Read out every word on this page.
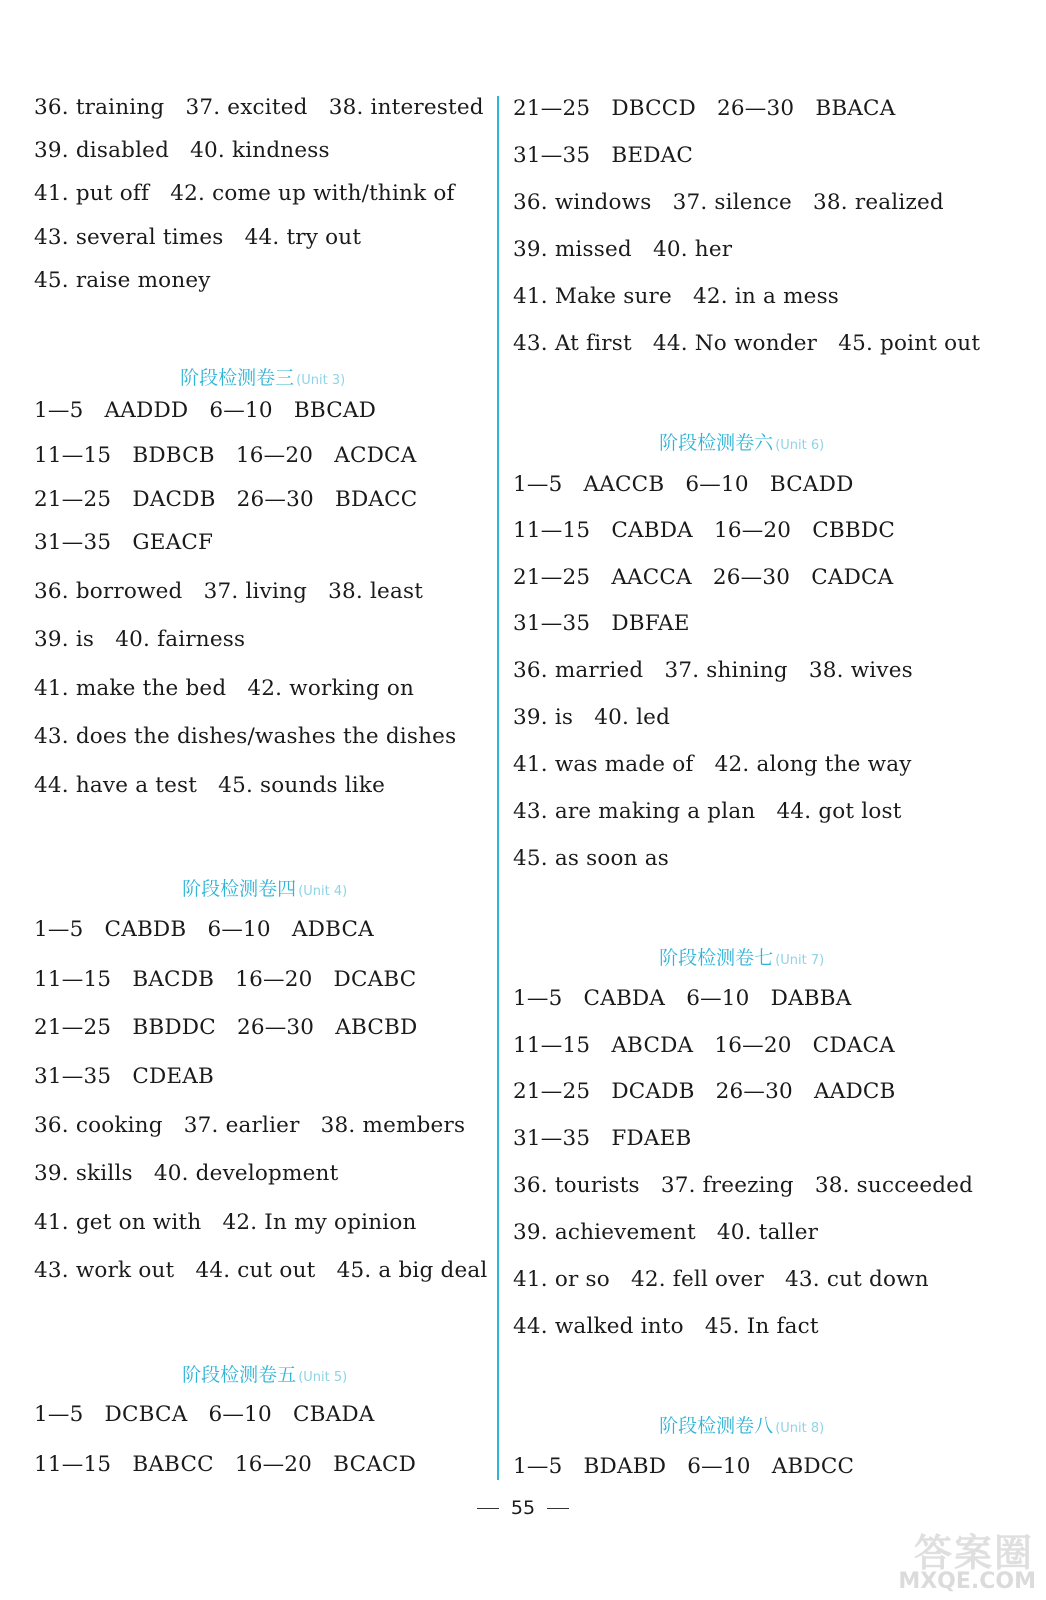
36. training   37. excited   38. interested
39. disabled   40. kindness
41. put off   42. come up with/think of
43. several times   44. try out
45. raise money

阶段检测卷三 (Unit 3)

1—5   AADDD   6—10   BBCAD
11—15   BDBCB   16—20   ACDCA
21—25   DACDB   26—30   BDACC
31—35   GEACF
36. borrowed   37. living   38. least
39. is   40. fairness
41. make the bed   42. working on
43. does the dishes/washes the dishes
44. have a test   45. sounds like

阶段检测卷四 (Unit 4)

1—5   CABDB   6—10   ADBCA
11—15   BACDB   16—20   DCABC
21—25   BBDDC   26—30   ABCBD
31—35   CDEAB
36. cooking   37. earlier   38. members
39. skills   40. development
41. get on with   42. In my opinion
43. work out   44. cut out   45. a big deal

阶段检测卷五 (Unit 5)

1—5   DCBCA   6—10   CBADA
11—15   BABCC   16—20   BCACD
21—25   DBCCD   26—30   BBACA
31—35   BEDAC
36. windows   37. silence   38. realized
39. missed   40. her
41. Make sure   42. in a mess
43. At first   44. No wonder   45. point out

阶段检测卷六 (Unit 6)

1—5   AACCB   6—10   BCADD
11—15   CABDA   16—20   CBBDC
21—25   AACCA   26—30   CADCA
31—35   DBFAE
36. married   37. shining   38. wives
39. is   40. led
41. was made of   42. along the way
43. are making a plan   44. got lost
45. as soon as

阶段检测卷七 (Unit 7)

1—5   CABDA   6—10   DABBA
11—15   ABCDA   16—20   CDACA
21—25   DCADB   26—30   AADCB
31—35   FDAEB
36. tourists   37. freezing   38. succeeded
39. achievement   40. taller
41. or so   42. fell over   43. cut down
44. walked into   45. In fact

阶段检测卷八 (Unit 8)

1—5   BDABD   6—10   ABDCC
55
答案圈
MXQE.COM
